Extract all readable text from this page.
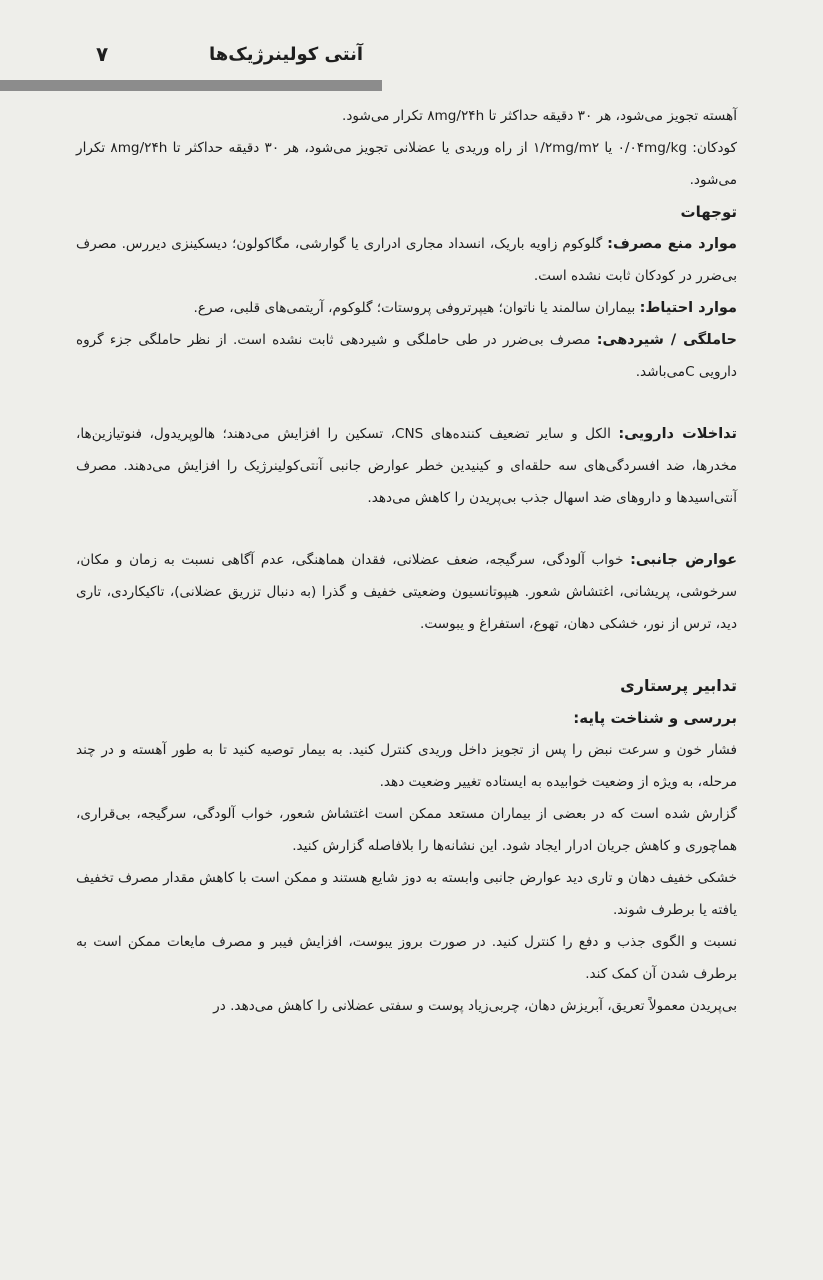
آنتی کولینرژیک‌ها
۷

آهسته تجویز می‌شود، هر ۳۰ دقیقه حداکثر تا ۸mg/۲۴h تکرار می‌شود.

کودکان: ۰/۰۴mg/kg یا ۱/۲mg/m۲ از راه وریدی یا عضلانی تجویز می‌شود، هر ۳۰ دقیقه حداکثر تا ۸mg/۲۴h تکرار می‌شود.

توجهات

موارد منع مصرف: گلوکوم زاویه باریک، انسداد مجاری ادراری یا گوارشی، مگاکولون؛ دیسکینزی دیررس. مصرف بی‌ضرر در کودکان ثابت نشده است.

موارد احتیاط: بیماران سالمند یا ناتوان؛ هیپرتروفی پروستات؛ گلوکوم، آریتمی‌های قلبی، صرع.

حاملگی / شیردهی: مصرف بی‌ضرر در طی حاملگی و شیردهی ثابت نشده است. از نظر حاملگی جزء گروه دارویی Cمی‌باشد.

تداخلات دارویی: الکل و سایر تضعیف کننده‌های CNS، تسکین را افزایش می‌دهند؛ هالوپریدول، فنوتیازین‌ها، مخدرها، ضد افسردگی‌های سه حلقه‌ای و کینیدین خطر عوارض جانبی آنتی‌کولینرژیک را افزایش می‌دهند. مصرف آنتی‌اسیدها و داروهای ضد اسهال جذب بی‌پریدن را کاهش می‌دهد.

عوارض جانبی: خواب آلودگی، سرگیجه، ضعف عضلانی، فقدان هماهنگی، عدم آگاهی نسبت به زمان و مکان، سرخوشی، پریشانی، اغتشاش شعور. هیپوتانسیون وضعیتی خفیف و گذرا (به دنبال تزریق عضلانی)، تاکیکاردی، تاری دید، ترس از نور، خشکی دهان، تهوع، استفراغ و یبوست.

تدابیر پرستاری
بررسی و شناخت پایه:

فشار خون و سرعت نبض را پس از تجویز داخل وریدی کنترل کنید. به بیمار توصیه کنید تا به طور آهسته و در چند مرحله، به ویژه از وضعیت خوابیده به ایستاده تغییر وضعیت دهد.

گزارش شده است که در بعضی از بیماران مستعد ممکن است اغتشاش شعور، خواب آلودگی، سرگیجه، بی‌قراری، هماچوری و کاهش جریان ادرار ایجاد شود. این نشانه‌ها را بلافاصله گزارش کنید.

خشکی خفیف دهان و تاری دید عوارض جانبی وابسته به دوز شایع هستند و ممکن است با کاهش مقدار مصرف تخفیف یافته یا برطرف شوند.

نسبت و الگوی جذب و دفع را کنترل کنید. در صورت بروز یبوست، افزایش فیبر و مصرف مایعات ممکن است به برطرف شدن آن کمک کند.

بی‌پریدن معمولاً تعریق، آبریزش دهان، چربی‌زیاد پوست و سفتی عضلانی را کاهش می‌دهد. در
